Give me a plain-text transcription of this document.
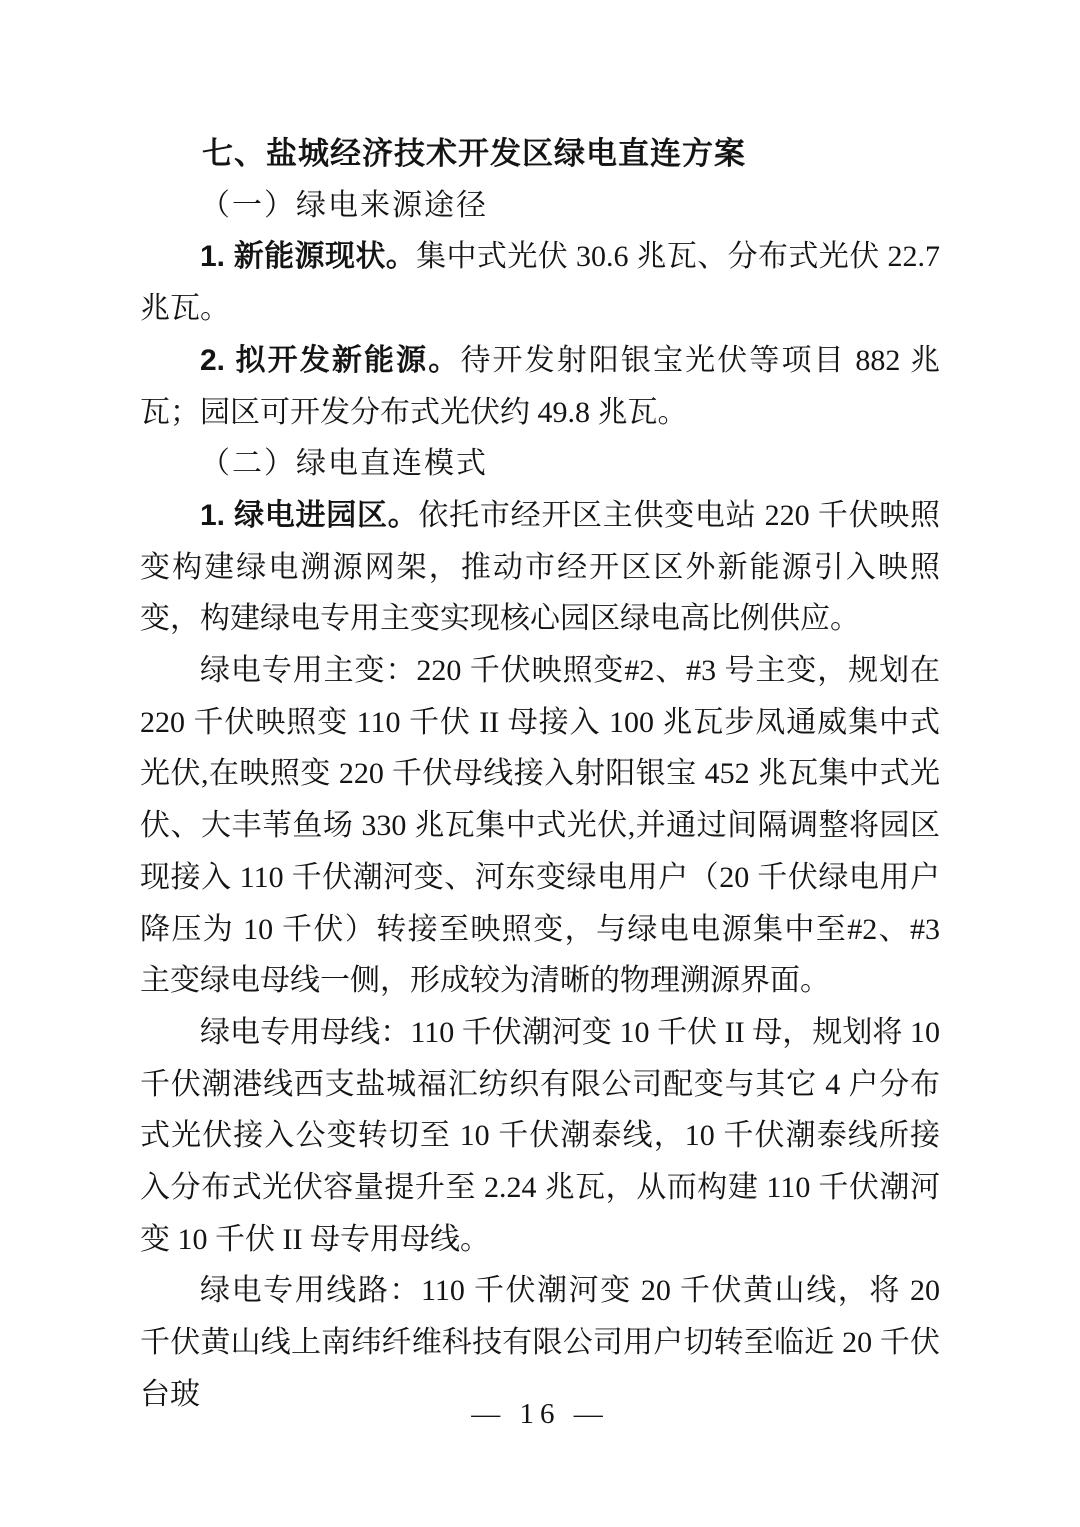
七、盐城经济技术开发区绿电直连方案

（一）绿电来源途径

1. 新能源现状。集中式光伏 30.6 兆瓦、分布式光伏 22.7 兆瓦。

2. 拟开发新能源。待开发射阳银宝光伏等项目 882 兆瓦；园区可开发分布式光伏约 49.8 兆瓦。

（二）绿电直连模式

1. 绿电进园区。依托市经开区主供变电站 220 千伏映照变构建绿电溯源网架，推动市经开区区外新能源引入映照变，构建绿电专用主变实现核心园区绿电高比例供应。

绿电专用主变：220 千伏映照变#2、#3 号主变，规划在 220 千伏映照变 110 千伏 II 母接入 100 兆瓦步凤通威集中式光伏,在映照变 220 千伏母线接入射阳银宝 452 兆瓦集中式光伏、大丰苇鱼场 330 兆瓦集中式光伏,并通过间隔调整将园区现接入 110 千伏潮河变、河东变绿电用户（20 千伏绿电用户降压为 10 千伏）转接至映照变，与绿电电源集中至#2、#3 主变绿电母线一侧，形成较为清晰的物理溯源界面。

绿电专用母线：110 千伏潮河变 10 千伏 II 母，规划将 10 千伏潮港线西支盐城福汇纺织有限公司配变与其它 4 户分布式光伏接入公变转切至 10 千伏潮泰线，10 千伏潮泰线所接入分布式光伏容量提升至 2.24 兆瓦，从而构建 110 千伏潮河变 10 千伏 II 母专用母线。

绿电专用线路：110 千伏潮河变 20 千伏黄山线，将 20 千伏黄山线上南纬纤维科技有限公司用户切转至临近 20 千伏台玻

— 16 —
